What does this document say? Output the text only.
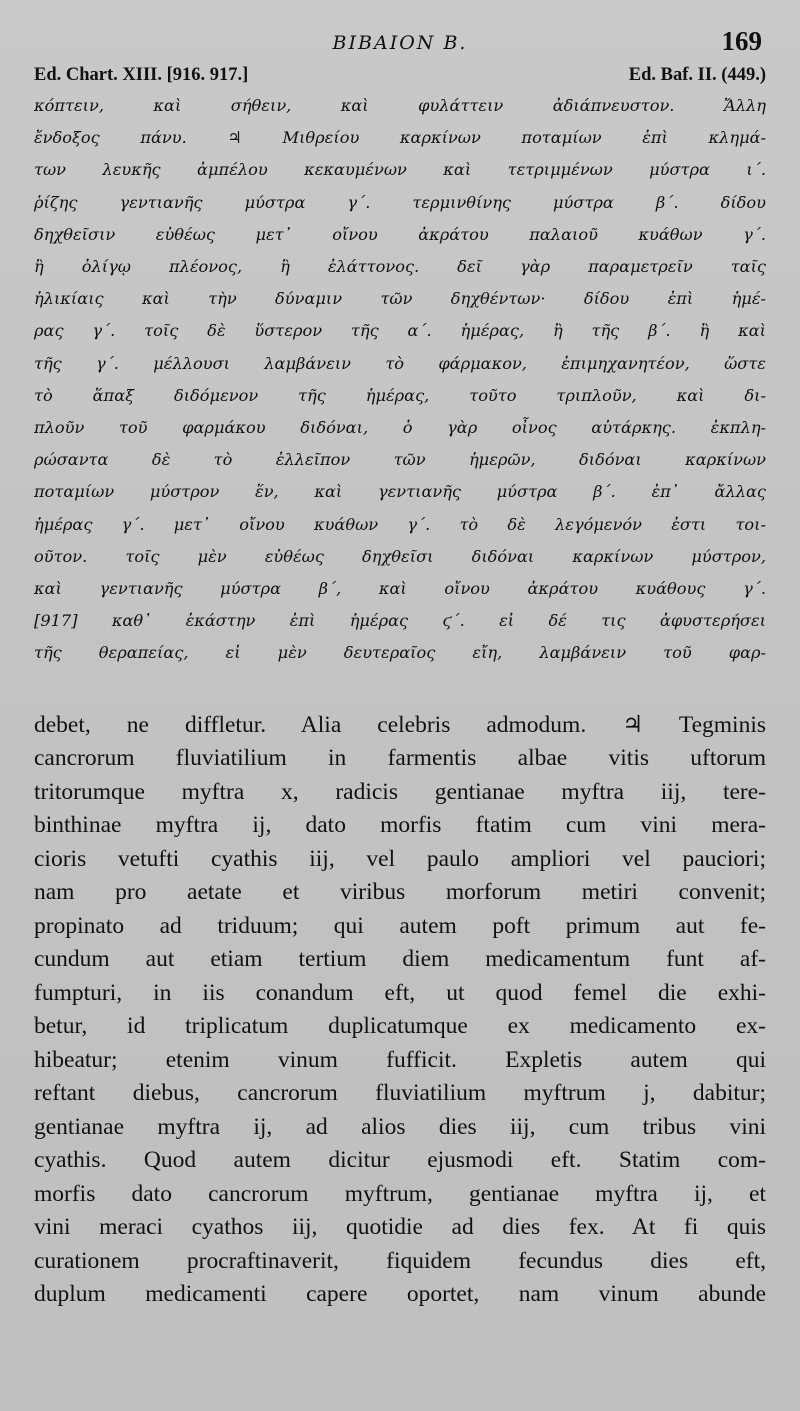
BIBAION B.	169
Ed. Chart. XIII. [916. 917.]	Ed. Baf. II. (449.)
κόπτειν, καὶ σήθειν, καὶ φυλάττειν ἀδιάπνευστον. Ἄλλη
ἔνδοξος πάνυ. ♃ Μιθρείου καρκίνων ποταμίων ἐπὶ κλημά-
των λευκῆς ἀμπέλου κεκαυμένων καὶ τετριμμένων μύστρα ι΄.
ῥίζης γεντιανῆς μύστρα γ΄. τερμινθίνης μύστρα β΄. δίδου
δηχθεῖσιν εὐθέως μετ᾽ οἴνου ἀκράτου παλαιοῦ κυάθων γ΄.
ἢ ὀλίγῳ πλέονος, ἢ ἐλάττονος. δεῖ γὰρ παραμετρεῖν ταῖς
ἡλικίαις καὶ τὴν δύναμιν τῶν δηχθέντων· δίδου ἐπὶ ἡμέ-
ρας γ΄. τοῖς δὲ ὕστερον τῆς α΄. ἡμέρας, ἢ τῆς β΄. ἢ καὶ
τῆς γ΄. μέλλουσι λαμβάνειν τὸ φάρμακον, ἐπιμηχανητέον, ὥστε
τὸ ἅπαξ διδόμενον τῆς ἡμέρας, τοῦτο τριπλοῦν, καὶ δι-
πλοῦν τοῦ φαρμάκου διδόναι, ὁ γὰρ οἶνος αὐτάρκης. ἐκπλη-
ρώσαντα δὲ τὸ ἐλλεῖπον τῶν ἡμερῶν, διδόναι καρκίνων
ποταμίων μύστρον ἕν, καὶ γεντιανῆς μύστρα β΄. ἐπ᾽ ἄλλας
ἡμέρας γ΄. μετ᾽ οἴνου κυάθων γ΄. τὸ δὲ λεγόμενόν ἐστι τοι-
οῦτον. τοῖς μὲν εὐθέως δηχθεῖσι διδόναι καρκίνων μύστρον,
καὶ γεντιανῆς μύστρα β΄, καὶ οἴνου ἀκράτου κυάθους γ΄.
[917] καθ᾽ ἑκάστην ἐπὶ ἡμέρας ϛ΄. εἰ δέ τις ἀφυστερήσει
τῆς θεραπείας, εἰ μὲν δευτεραῖος εἴη, λαμβάνειν τοῦ φαρ-
debet, ne diffletur. Alia celebris admodum. ♃ Tegminis
cancrorum fluviatilium in farmentis albae vitis uftorum
tritorumque myftra x, radicis gentianae myftra iij, tere-
binthinae myftra ij, dato morfis ftatim cum vini mera-
cioris vetufti cyathis iij, vel paulo ampliori vel pauciori;
nam pro aetate et viribus morforum metiri convenit;
propinato ad triduum; qui autem poft primum aut fe-
cundum aut etiam tertium diem medicamentum funt af-
fumpturi, in iis conandum eft, ut quod femel die exhi-
betur, id triplicatum duplicatumque ex medicamento ex-
hibeatur; etenim vinum fufficit. Expletis autem qui
reftant diebus, cancrorum fluviatilium myftrum j, dabitur;
gentianae myftra ij, ad alios dies iij, cum tribus vini
cyathis. Quod autem dicitur ejusmodi eft. Statim com-
morfis dato cancrorum myftrum, gentianae myftra ij, et
vini meraci cyathos iij, quotidie ad dies fex. At fi quis
curationem procraftinaverit, fiquidem fecundus dies eft,
duplum medicamenti capere oportet, nam vinum abunde
